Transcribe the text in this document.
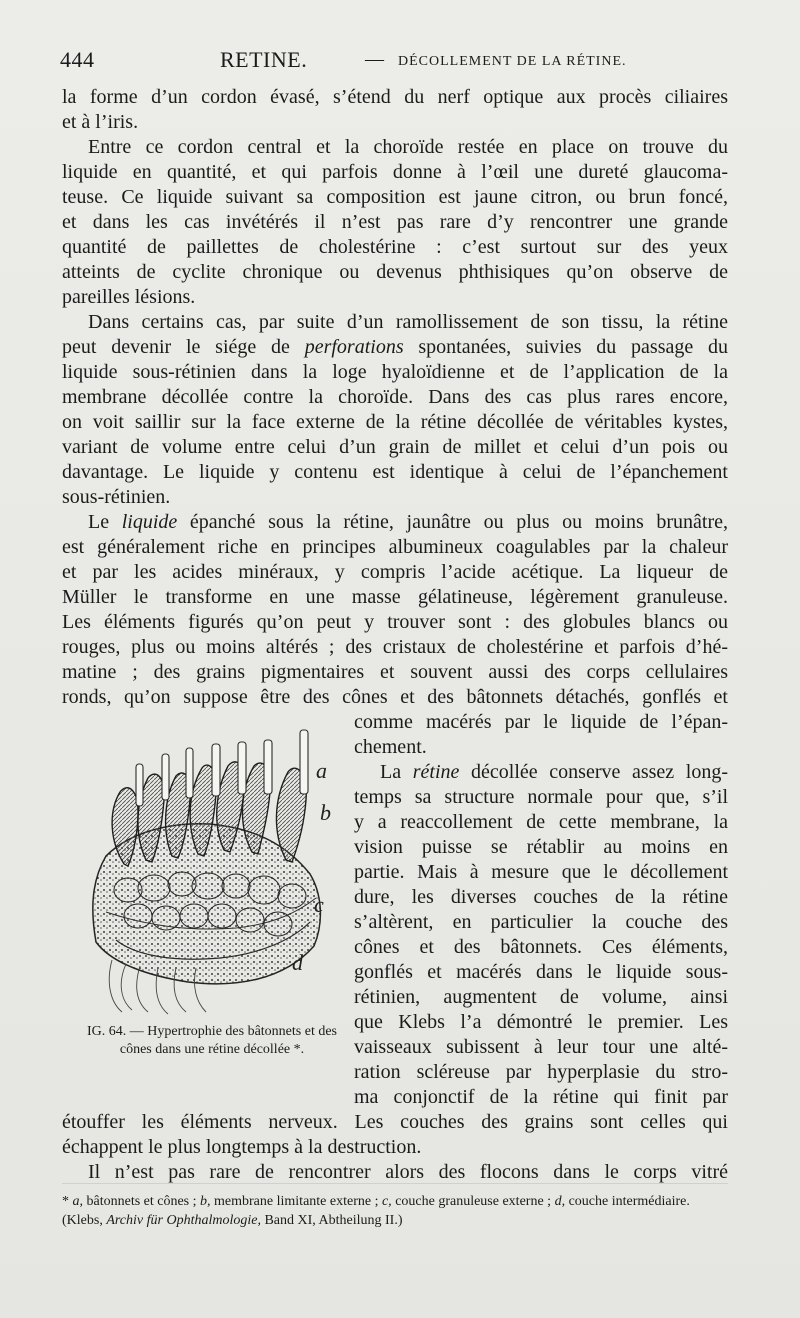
444	RETINE.	— DÉCOLLEMENT DE LA RÉTINE.
la forme d’un cordon évasé, s’étend du nerf optique aux procès ciliaires
et à l’iris.
Entre ce cordon central et la choroïde restée en place on trouve du
liquide en quantité, et qui parfois donne à l’œil une dureté glaucoma-
teuse. Ce liquide suivant sa composition est jaune citron, ou brun foncé,
et dans les cas invétérés il n’est pas rare d’y rencontrer une grande
quantité de paillettes de cholestérine : c’est surtout sur des yeux
atteints de cyclite chronique ou devenus phthisiques qu’on observe de
pareilles lésions.
Dans certains cas, par suite d’un ramollissement de son tissu, la rétine
peut devenir le siége de perforations spontanées, suivies du passage du
liquide sous-rétinien dans la loge hyaloïdienne et de l’application de la
membrane décollée contre la choroïde. Dans des cas plus rares encore,
on voit saillir sur la face externe de la rétine décollée de véritables kystes,
variant de volume entre celui d’un grain de millet et celui d’un pois ou
davantage. Le liquide y contenu est identique à celui de l’épanchement
sous-rétinien.
Le liquide épanché sous la rétine, jaunâtre ou plus ou moins brunâtre,
est généralement riche en principes albumineux coagulables par la chaleur
et par les acides minéraux, y compris l’acide acétique. La liqueur de
Müller le transforme en une masse gélatineuse, légèrement granuleuse.
Les éléments figurés qu’on peut y trouver sont : des globules blancs ou
rouges, plus ou moins altérés ; des cristaux de cholestérine et parfois d’hé-
matine ; des grains pigmentaires et souvent aussi des corps cellulaires
ronds, qu’on suppose être des cônes et des bâtonnets détachés, gonflés et
comme macérés par le liquide de l’épan-
chement.
La rétine décollée conserve assez long-
temps sa structure normale pour que, s’il
y a reaccollement de cette membrane, la
vision puisse se rétablir au moins en
partie. Mais à mesure que le décollement
dure, les diverses couches de la rétine
s’altèrent, en particulier la couche des
cônes et des bâtonnets. Ces éléments,
gonflés et macérés dans le liquide sous-
rétinien, augmentent de volume, ainsi
que Klebs l’a démontré le premier. Les
vaisseaux subissent à leur tour une alté-
ration scléreuse par hyperplasie du stro-
ma conjonctif de la rétine qui finit par
étouffer les éléments nerveux. Les couches des grains sont celles qui
échappent le plus longtemps à la destruction.
Il n’est pas rare de rencontrer alors des flocons dans le corps vitré
a
b
c
d
IG. 64. — Hypertrophie des bâtonnets et des cônes dans une rétine décollée *.
* a, bâtonnets et cônes ; b, membrane limitante externe ; c, couche granuleuse externe ; d, couche intermédiaire. (Klebs, Archiv für Ophthalmologie, Band XI, Abtheilung II.)
